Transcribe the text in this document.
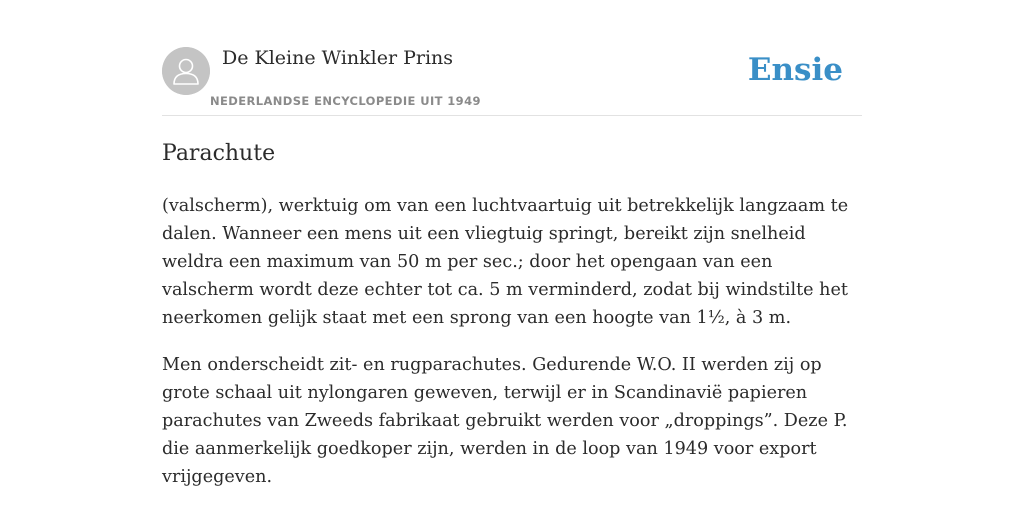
De Kleine Winkler Prins
NEDERLANDSE ENCYCLOPEDIE UIT 1949
Ensie
Parachute

(valscherm), werktuig om van een luchtvaartuig uit betrekkelijk langzaam te dalen. Wanneer een mens uit een vliegtuig springt, bereikt zijn snelheid weldra een maximum van 50 m per sec.; door het opengaan van een valscherm wordt deze echter tot ca. 5 m verminderd, zodat bij windstilte het neerkomen gelijk staat met een sprong van een hoogte van 1½, à 3 m.

Men onderscheidt zit- en rugparachutes. Gedurende W.O. II werden zij op grote schaal uit nylongaren geweven, terwijl er in Scandinavië papieren parachutes van Zweeds fabrikaat gebruikt werden voor „droppings”. Deze P. die aanmerkelijk goedkoper zijn, werden in de loop van 1949 voor export vrijgegeven.
